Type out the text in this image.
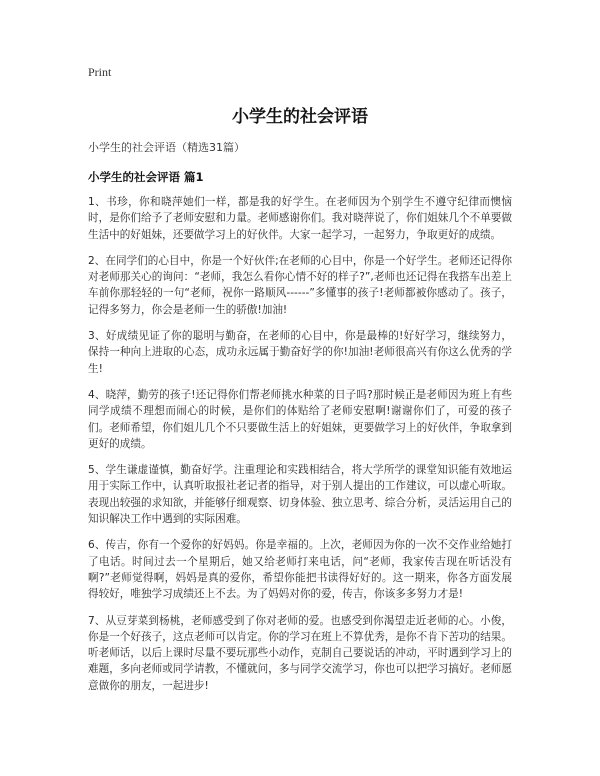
Print
小学生的社会评语
小学生的社会评语（精选31篇）
小学生的社会评语 篇1
1、书珍，你和晓萍她们一样，都是我的好学生。在老师因为个别学生不遵守纪律而懊恼时，是你们给予了老师安慰和力量。老师感谢你们。我对晓萍说了，你们姐妹几个不单要做生活中的好姐妹，还要做学习上的好伙伴。大家一起学习，一起努力，争取更好的成绩。
2、在同学们的心目中，你是一个好伙伴;在老师的心目中，你是一个好学生。老师还记得你对老师那关心的询问：“老师，我怎么看你心情不好的样子?”,老师也还记得在我搭车出差上车前你那轻轻的一句“老师，祝你一路顺风------”多懂事的孩子!老师都被你感动了。孩子，记得多努力，你会是老师一生的骄傲!加油!
3、好成绩见证了你的聪明与勤奋，在老师的心目中，你是最棒的!好好学习，继续努力，保持一种向上进取的心态，成功永远属于勤奋好学的你!加油!老师很高兴有你这么优秀的学生!
4、晓萍，勤劳的孩子!还记得你们帮老师挑水种菜的日子吗?那时候正是老师因为班上有些同学成绩不理想而闹心的时候，是你们的体贴给了老师安慰啊!谢谢你们了，可爱的孩子们。老师希望，你们姐儿几个不只要做生活上的好姐妹，更要做学习上的好伙伴，争取拿到更好的成绩。
5、学生谦虚谨慎，勤奋好学。注重理论和实践相结合，将大学所学的课堂知识能有效地运用于实际工作中，认真听取报社老记者的指导，对于别人提出的工作建议，可以虚心听取。表现出较强的求知欲，并能够仔细观察、切身体验、独立思考、综合分析，灵活运用自己的知识解决工作中遇到的实际困难。
6、传吉，你有一个爱你的好妈妈。你是幸福的。上次，老师因为你的一次不交作业给她打了电话。时间过去一个星期后，她又给老师打来电话，问“老师，我家传吉现在听话没有啊?”老师觉得啊，妈妈是真的爱你，希望你能把书读得好好的。这一期来，你各方面发展得较好，唯独学习成绩还上不去。为了妈妈对你的爱，传吉，你该多多努力才是!
7、从豆芽菜到杨桃，老师感受到了你对老师的爱。也感受到你渴望走近老师的心。小俊，你是一个好孩子，这点老师可以肯定。你的学习在班上不算优秀，是你不肯下苦功的结果。听老师话，以后上课时尽量不要玩那些小动作，克制自己要说话的冲动，平时遇到学习上的难题，多向老师或同学请教，不懂就问，多与同学交流学习，你也可以把学习搞好。老师愿意做你的朋友，一起进步!
